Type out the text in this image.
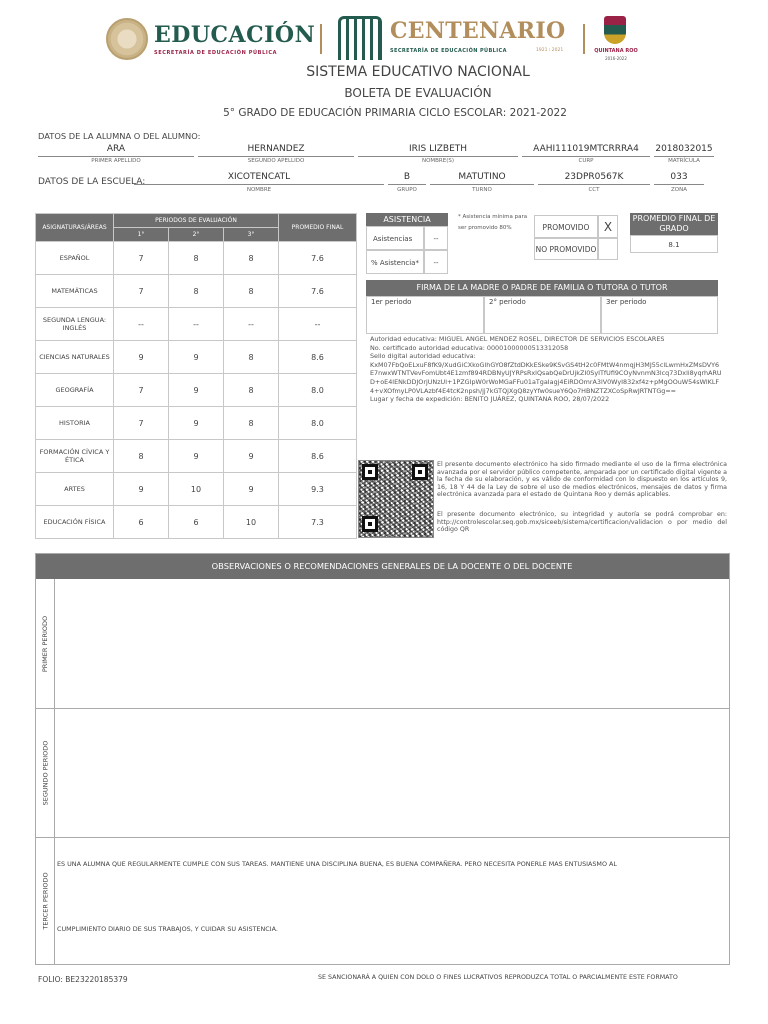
EDUCACIÓN
SECRETARÍA DE EDUCACIÓN PÚBLICA
CENTENARIO
SECRETARÍA DE EDUCACIÓN PÚBLICA	1921 ⁝ 2021	QUINTANA ROO
2016-2022
SISTEMA EDUCATIVO NACIONAL
BOLETA DE EVALUACIÓN
5° GRADO DE EDUCACIÓN PRIMARIA CICLO ESCOLAR: 2021-2022
DATOS DE LA ALUMNA O DEL ALUMNO:
ARA
PRIMER APELLIDO
HERNANDEZ
SEGUNDO APELLIDO
IRIS LIZBETH
NOMBRE(S)
AAHI111019MTCRRRA4
CURP
2018032015
MATRÍCULA
DATOS DE LA ESCUELA:	XICOTENCATL
NOMBRE
B
GRUPO
MATUTINO
TURNO
23DPR0567K
CCT
033
ZONA
ASIGNATURAS/ÁREAS	PERIODOS DE EVALUACIÓN			PROMEDIO FINAL
	1°	2°	3°	
ESPAÑOL	7	8	8	7.6
MATEMÁTICAS	7	8	8	7.6
SEGUNDA LENGUA: INGLÉS	--	--	--	--
CIENCIAS NATURALES	9	9	8	8.6
GEOGRAFÍA	7	9	8	8.0
HISTORIA	7	9	8	8.0
FORMACIÓN CÍVICA Y ÉTICA	8	9	9	8.6
ARTES	9	10	9	9.3
EDUCACIÓN FÍSICA	6	6	10	7.3
ASISTENCIA
Asistencias	--
% Asistencia*	--
* Asistencia mínima para ser promovido 80%	PROMOVIDO	X
NO PROMOVIDO
PROMEDIO FINAL DE GRADO
8.1
FIRMA DE LA MADRE O PADRE DE FAMILIA O TUTORA O TUTOR
1er periodo	2° periodo	3er periodo
Autoridad educativa: MIGUEL ANGEL MENDEZ ROSEL, DIRECTOR DE SERVICIOS ESCOLARES
No. certificado autoridad educativa: 00001000000513312058
Sello digital autoridad educativa:
KxM07FbQoELxuF8fK9/XudGiCXkoGlhGYO8fZtdDKkESke9KSvGS4tH2c0FMtW4nmqjH3MJ55clLwmHxZMsDVY6E7nwxWTNTVevFomUbt4E1zmf894RDBNyUJYRPsRxlQsabQeDrUjkZI0SyITfUfi9COyNvnmN3lcq73Dxli8yqrhARUD+oE4lENkDDJOrjUNzUl+1PZGIpW0rWoMGaFFu01aTgaIagj4EiRDOmrA3lV0WyI832xf4z+pMgOOuW54sWlKLF4+vXOfmyLP0VLAzbf4E4tcK2npsh/jj7kGTQjXgQ8zyYfw0sueY6Qo7HBNZTZXCoSpRwJRTNTGg==
Lugar y fecha de expedición: BENITO JUÁREZ, QUINTANA ROO, 28/07/2022
El presente documento electrónico ha sido firmado mediante el uso de la firma electrónica avanzada por el servidor público competente, amparada por un certificado digital vigente a la fecha de su elaboración, y es válido de conformidad con lo dispuesto en los artículos 9, 16, 18 Y 44 de la Ley de sobre el uso de medios electrónicos, mensajes de datos y firma electrónica avanzada para el estado de Quintana Roo y demás aplicables.
El presente documento electrónico, su integridad y autoría se podrá comprobar en: http://controlescolar.seq.gob.mx/siceeb/sistema/certificacion/validacion o por medio del código QR
OBSERVACIONES O RECOMENDACIONES GENERALES DE LA DOCENTE O DEL DOCENTE
PRIMER PERIODO
SEGUNDO PERIODO
TERCER PERIODO
ES UNA ALUMNA QUE REGULARMENTE CUMPLE CON SUS TAREAS. MANTIENE UNA DISCIPLINA BUENA, ES BUENA COMPAÑERA. PERO NECESITA PONERLE MAS ENTUSIASMO AL
CUMPLIMIENTO DIARIO DE SUS TRABAJOS, Y CUIDAR SU ASISTENCIA.
FOLIO: BE23220185379	SE SANCIONARÁ A QUIEN CON DOLO O FINES LUCRATIVOS REPRODUZCA TOTAL O PARCIALMENTE ESTE FORMATO
